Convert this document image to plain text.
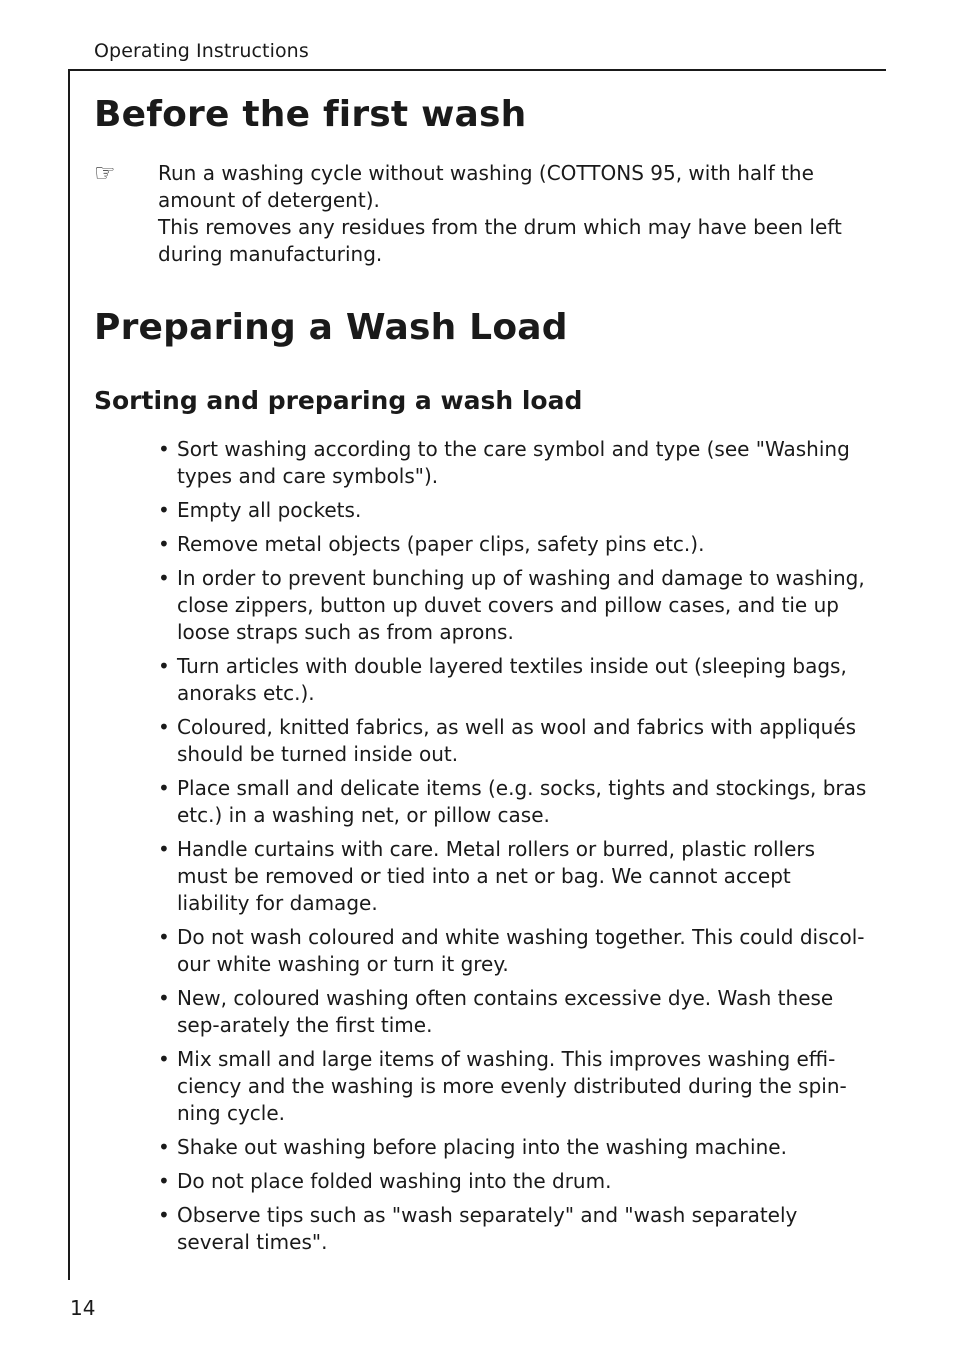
Operating Instructions
Before the first wash
☞ Run a washing cycle without washing (COTTONS 95, with half the amount of detergent).

This removes any residues from the drum which may have been left during manufacturing.

Preparing a Wash Load
Sorting and preparing a wash load
• Sort washing according to the care symbol and type (see "Washing types and care symbols").
• Empty all pockets.
• Remove metal objects (paper clips, safety pins etc.).
• In order to prevent bunching up of washing and damage to washing, close zippers, button up duvet covers and pillow cases, and tie up loose straps such as from aprons.
• Turn articles with double layered textiles inside out (sleeping bags, anoraks etc.).
• Coloured, knitted fabrics, as well as wool and fabrics with appliqués should be turned inside out.
• Place small and delicate items (e.g. socks, tights and stockings, bras etc.) in a washing net, or pillow case.
• Handle curtains with care. Metal rollers or burred, plastic rollers must be removed or tied into a net or bag. We cannot accept liability for damage.
• Do not wash coloured and white washing together. This could discol-our white washing or turn it grey.
• New, coloured washing often contains excessive dye. Wash these sep-arately the first time.
• Mix small and large items of washing. This improves washing effi-ciency and the washing is more evenly distributed during the spin-ning cycle.
• Shake out washing before placing into the washing machine.
• Do not place folded washing into the drum.
• Observe tips such as "wash separately" and "wash separately several times".
14
